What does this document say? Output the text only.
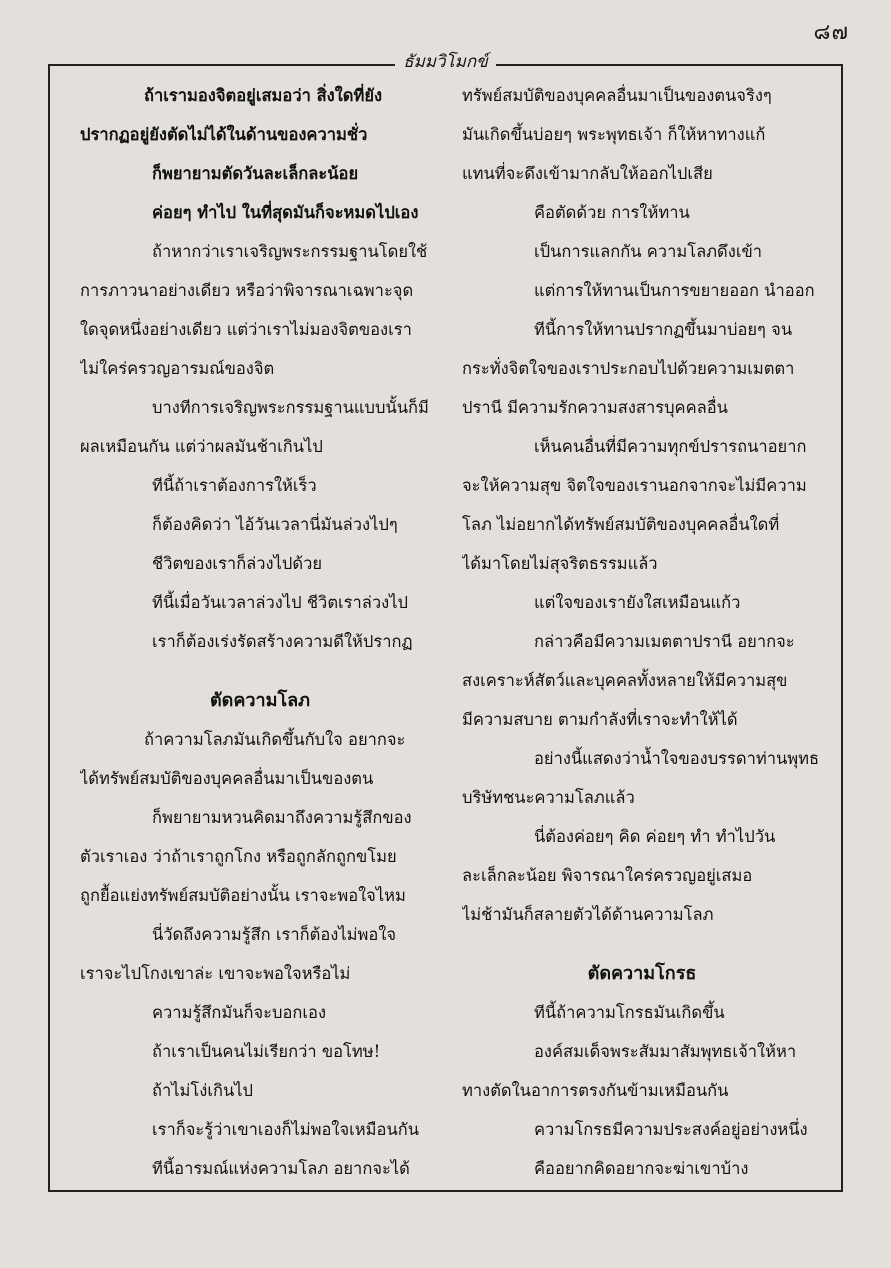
๘๗
ธัมมวิโมกข์
ถ้าเรามองจิตอยู่เสมอว่า สิ่งใดที่ยัง
ปรากฏอยู่ยังตัดไม่ได้ในด้านของความชั่ว
ก็พยายามตัดวันละเล็กละน้อย
ค่อยๆ ทำไป ในที่สุดมันก็จะหมดไปเอง
ถ้าหากว่าเราเจริญพระกรรมฐานโดยใช้
การภาวนาอย่างเดียว หรือว่าพิจารณาเฉพาะจุด
ใดจุดหนึ่งอย่างเดียว แต่ว่าเราไม่มองจิตของเรา
ไม่ใคร่ครวญอารมณ์ของจิต
บางทีการเจริญพระกรรมฐานแบบนั้นก็มี
ผลเหมือนกัน แต่ว่าผลมันช้าเกินไป
ทีนี้ถ้าเราต้องการให้เร็ว
ก็ต้องคิดว่า ไอ้วันเวลานี่มันล่วงไปๆ
ชีวิตของเราก็ล่วงไปด้วย
ทีนี้เมื่อวันเวลาล่วงไป ชีวิตเราล่วงไป
เราก็ต้องเร่งรัดสร้างความดีให้ปรากฏ
ตัดความโลภ
ถ้าความโลภมันเกิดขึ้นกับใจ อยากจะ
ได้ทรัพย์สมบัติของบุคคลอื่นมาเป็นของตน
ก็พยายามหวนคิดมาถึงความรู้สึกของ
ตัวเราเอง ว่าถ้าเราถูกโกง หรือถูกลักถูกขโมย
ถูกยื้อแย่งทรัพย์สมบัติอย่างนั้น เราจะพอใจไหม
นี่วัดถึงความรู้สึก เราก็ต้องไม่พอใจ
เราจะไปโกงเขาล่ะ เขาจะพอใจหรือไม่
ความรู้สึกมันก็จะบอกเอง
ถ้าเราเป็นคนไม่เรียกว่า ขอโทษ!
ถ้าไม่โง่เกินไป
เราก็จะรู้ว่าเขาเองก็ไม่พอใจเหมือนกัน
ทีนี้อารมณ์แห่งความโลภ อยากจะได้
ทรัพย์สมบัติของบุคคลอื่นมาเป็นของตนจริงๆ
มันเกิดขึ้นบ่อยๆ พระพุทธเจ้า ก็ให้หาทางแก้
แทนที่จะดึงเข้ามากลับให้ออกไปเสีย
คือตัดด้วย การให้ทาน
เป็นการแลกกัน ความโลภดึงเข้า
แต่การให้ทานเป็นการขยายออก นำออก
ทีนี้การให้ทานปรากฏขึ้นมาบ่อยๆ จน
กระทั่งจิตใจของเราประกอบไปด้วยความเมตตา
ปรานี มีความรักความสงสารบุคคลอื่น
เห็นคนอื่นที่มีความทุกข์ปรารถนาอยาก
จะให้ความสุข จิตใจของเรานอกจากจะไม่มีความ
โลภ ไม่อยากได้ทรัพย์สมบัติของบุคคลอื่นใดที่
ได้มาโดยไม่สุจริตธรรมแล้ว
แต่ใจของเรายังใสเหมือนแก้ว
กล่าวคือมีความเมตตาปรานี อยากจะ
สงเคราะห์สัตว์และบุคคลทั้งหลายให้มีความสุข
มีความสบาย ตามกำลังที่เราจะทำให้ได้
อย่างนี้แสดงว่าน้ำใจของบรรดาท่านพุทธ
บริษัทชนะความโลภแล้ว
นี่ต้องค่อยๆ คิด ค่อยๆ ทำ ทำไปวัน
ละเล็กละน้อย พิจารณาใคร่ครวญอยู่เสมอ
ไม่ช้ามันก็สลายตัวได้ด้านความโลภ
ตัดความโกรธ
ทีนี้ถ้าความโกรธมันเกิดขึ้น
องค์สมเด็จพระสัมมาสัมพุทธเจ้าให้หา
ทางตัดในอาการตรงกันข้ามเหมือนกัน
ความโกรธมีความประสงค์อยู่อย่างหนึ่ง
คืออยากคิดอยากจะฆ่าเขาบ้าง
